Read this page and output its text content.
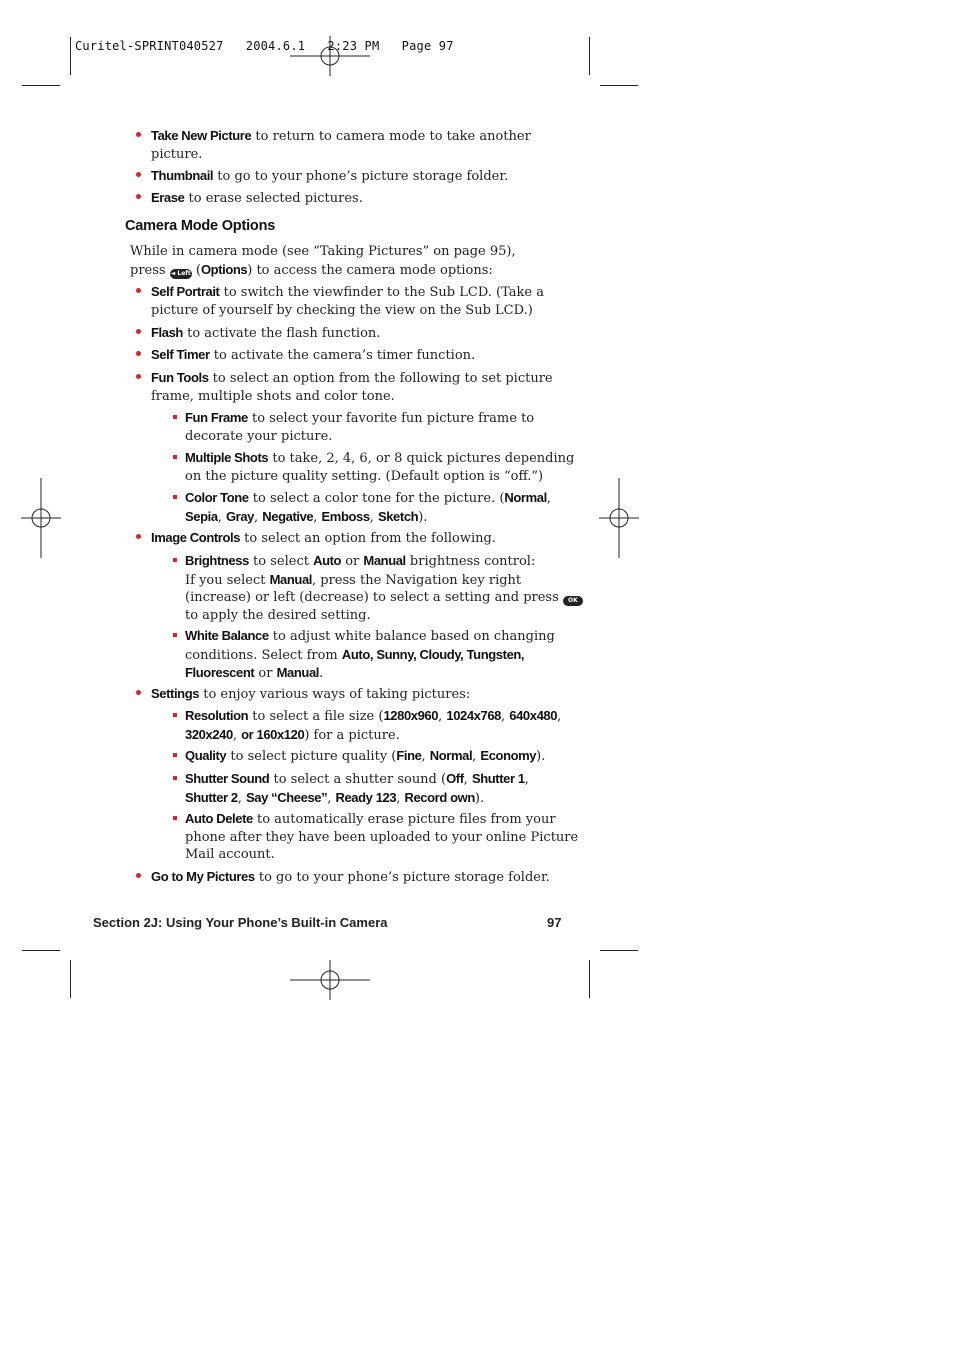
Curitel-SPRINT040527   2004.6.1   2:23 PM   Page 97
Take New Picture to return to camera mode to take another
picture.
Thumbnail to go to your phone’s picture storage folder.
Erase to erase selected pictures.
Camera Mode Options
While in camera mode (see “Taking Pictures” on page 95),
press ◄ Left (Options) to access the camera mode options:
Self Portrait to switch the viewfinder to the Sub LCD. (Take a
picture of yourself by checking the view on the Sub LCD.)
Flash to activate the flash function.
Self Timer to activate the camera’s timer function.
Fun Tools to select an option from the following to set picture
frame, multiple shots and color tone.
Fun Frame to select your favorite fun picture frame to
decorate your picture.
Multiple Shots to take, 2, 4, 6, or 8 quick pictures depending
on the picture quality setting. (Default option is “off.”)
Color Tone to select a color tone for the picture. (Normal,
Sepia, Gray, Negative, Emboss, Sketch).
Image Controls to select an option from the following.
Brightness to select Auto or Manual brightness control:
If you select Manual, press the Navigation key right
(increase) or left (decrease) to select a setting and press OK
to apply the desired setting.
White Balance to adjust white balance based on changing
conditions. Select from Auto, Sunny, Cloudy, Tungsten,
Fluorescent or Manual.
Settings to enjoy various ways of taking pictures:
Resolution to select a file size (1280x960, 1024x768, 640x480,
320x240, or 160x120) for a picture.
Quality to select picture quality (Fine, Normal, Economy).
Shutter Sound to select a shutter sound (Off, Shutter 1,
Shutter 2, Say “Cheese”, Ready 123, Record own).
Auto Delete to automatically erase picture files from your
phone after they have been uploaded to your online Picture
Mail account.
Go to My Pictures to go to your phone’s picture storage folder.
Section 2J: Using Your Phone’s Built-in Camera	97
